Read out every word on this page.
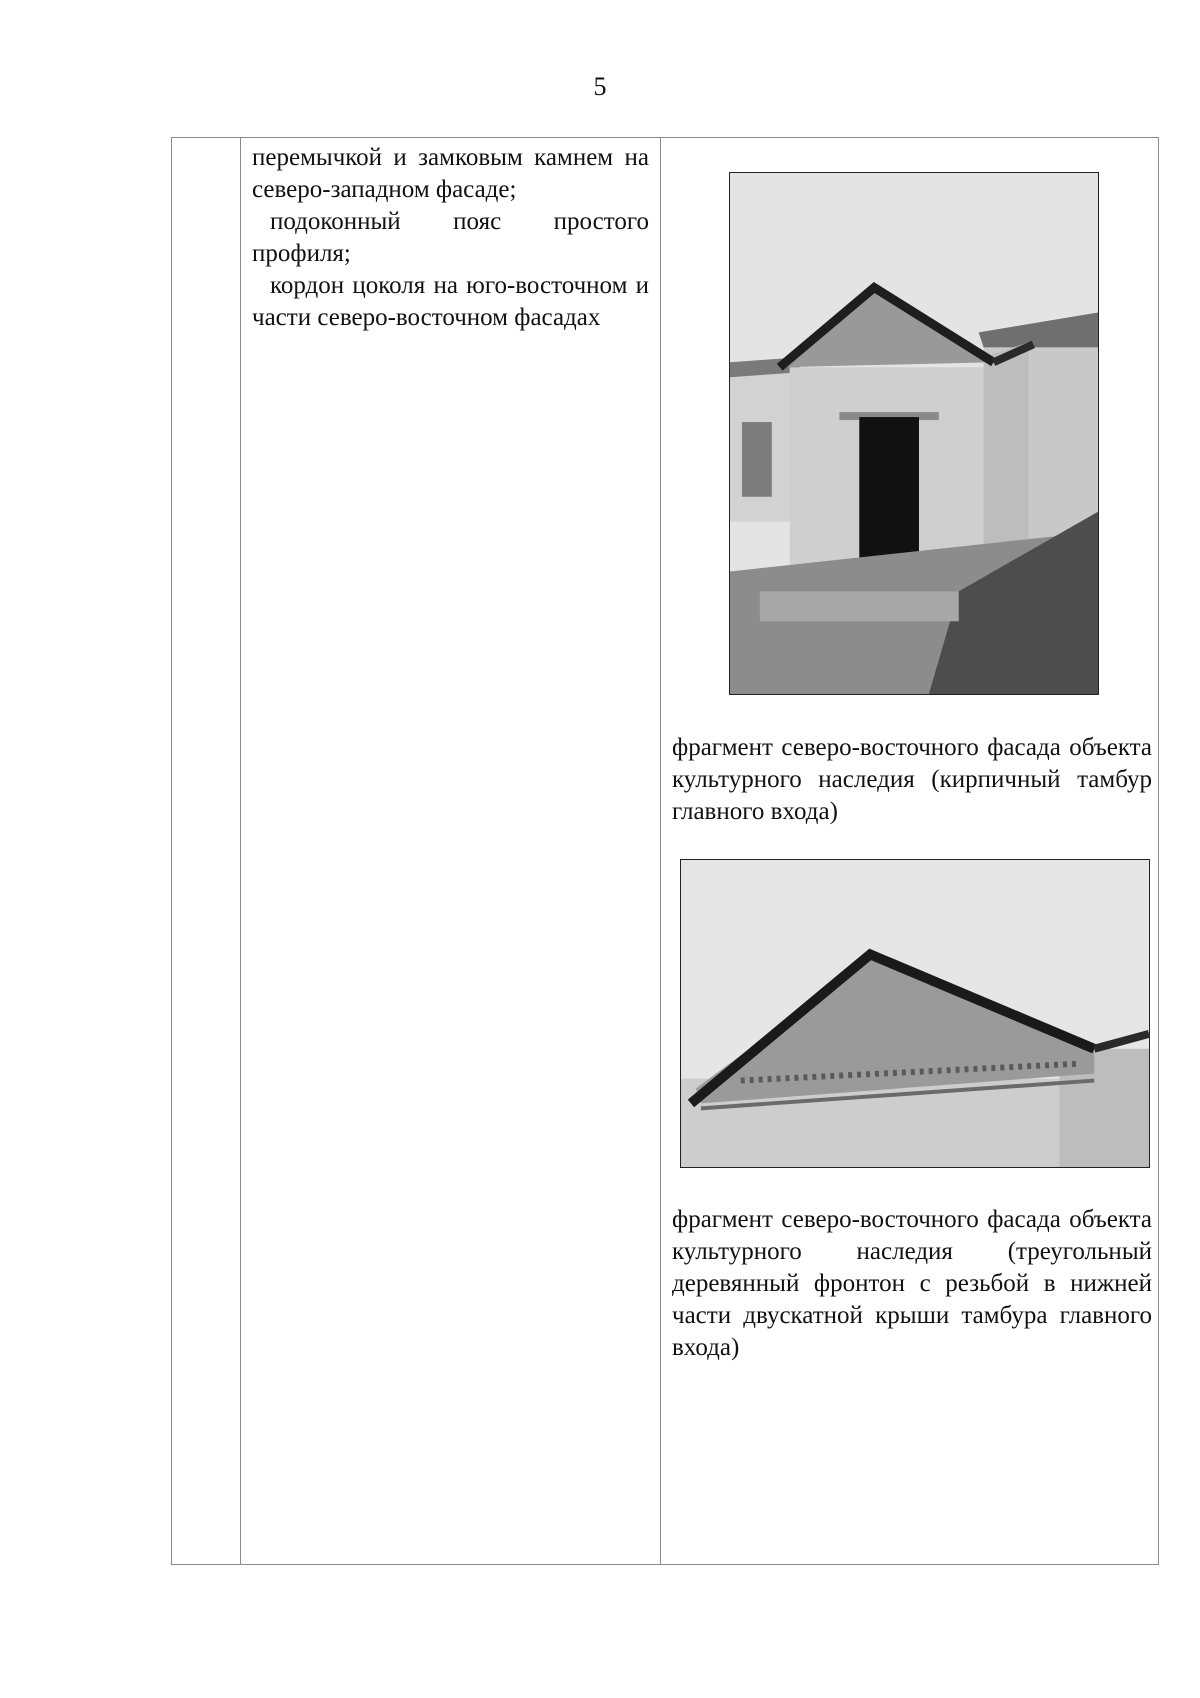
5

перемычкой и замковым камнем на северо-западном фасаде;

подоконный пояс простого профиля;

кордон цоколя на юго-восточном и части северо-восточном фасадах

фрагмент северо-восточного фасада объекта культурного наследия (кирпичный тамбур главного входа)
фрагмент северо-восточного фасада объекта культурного наследия (треугольный деревянный фронтон с резьбой в нижней части двускатной крыши тамбура главного входа)
